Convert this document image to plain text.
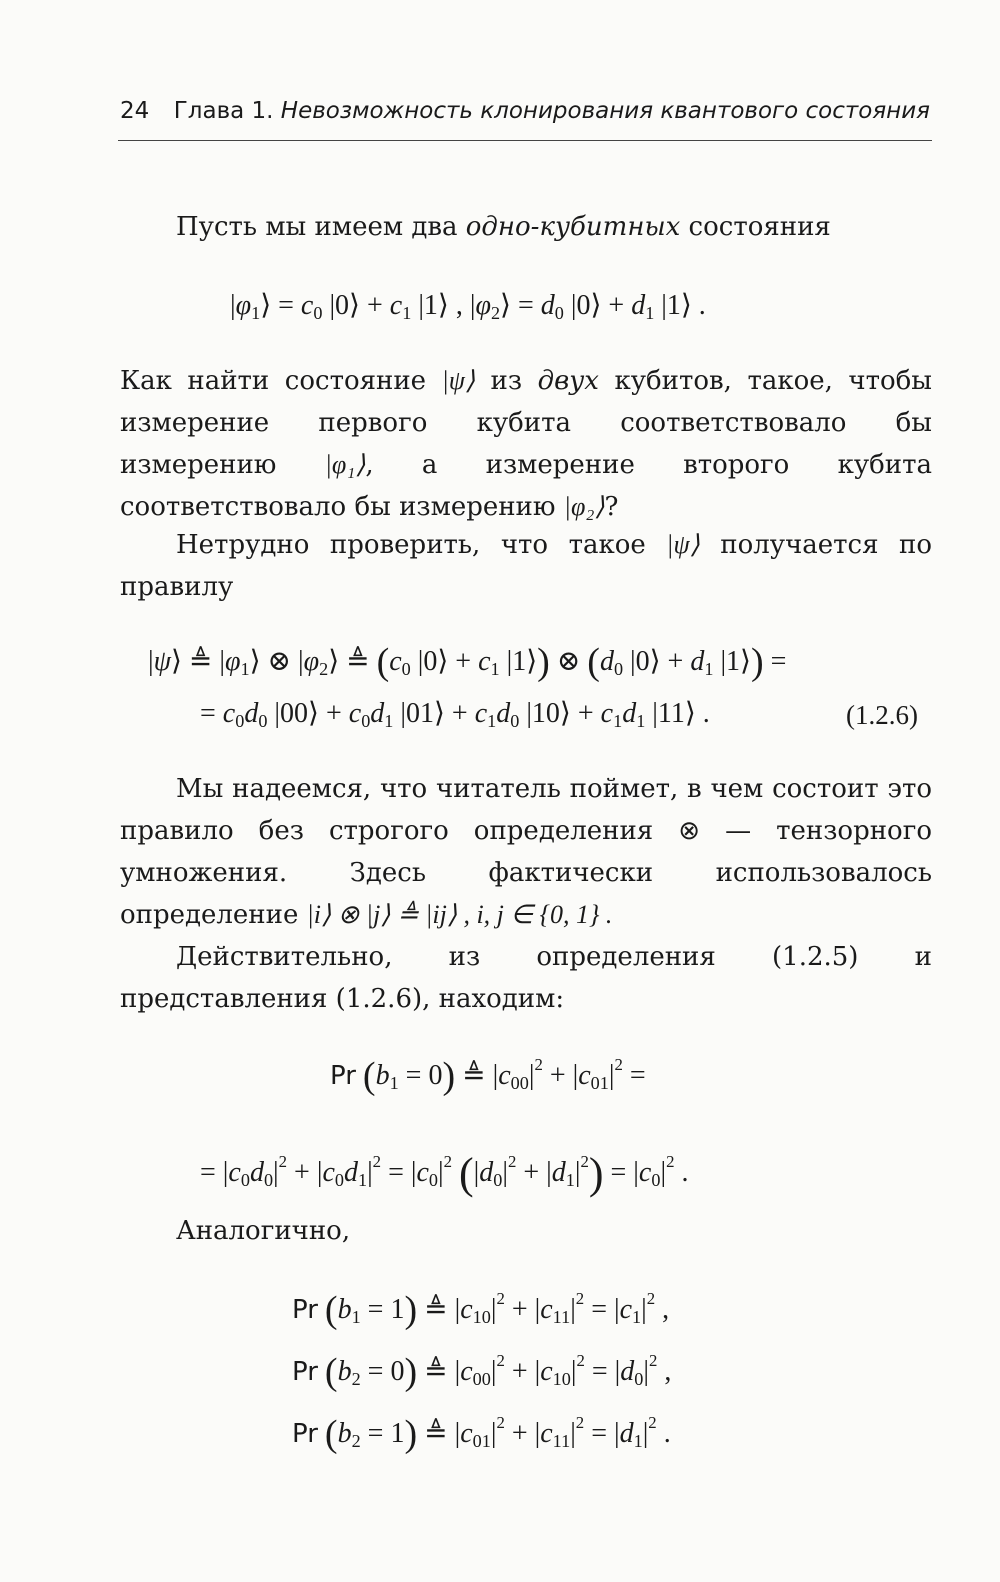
24 Глава 1. Невозможность клонирования квантового состояния
Пусть мы имеем два одно-кубитных состояния
$|\varphi_1⟩ = c_0$ |0⟩ + $c_1$ |1⟩ , $|\varphi_2⟩ = d_0$ |0⟩ + $d_1$ |1⟩ .
Как найти состояние |ψ⟩ из двух кубитов, такое, чтобы измерение первого кубита соответствовало бы измерению |φ₁⟩, а измерение второго кубита соответствовало бы измерению |φ₂⟩?
Нетрудно проверить, что такое |ψ⟩ получается по правилу
|ψ⟩ ≜ $|\varphi_1⟩$ ⊗ $|\varphi_2⟩$ ≜ ($c_0$ |0⟩ + $c_1$ |1⟩) ⊗ ($d_0$ |0⟩ + $d_1$ |1⟩) =
= $c_0d_0$ |00⟩ + $c_0d_1$ |01⟩ + $c_1d_0$ |10⟩ + $c_1d_1$ |11⟩ .	(1.2.6)
Мы надеемся, что читатель поймет, в чем состоит это правило без строгого определения ⊗ — тензорного умножения. Здесь фактически использовалось определение |i⟩ ⊗ |j⟩ ≜ |ij⟩ , i, j ∈ {0, 1} .
Действительно, из определения (1.2.5) и представления (1.2.6), находим:
Pr $(b_1 = 0)$ ≜ $|c_{00}|^2 + |c_{01}|^2$ =
= $|c_0d_0|^2 + |c_0d_1|^2 = |c_0|^2$ $(|d_0|^2 + |d_1|^2) = |c_0|^2$ .
Аналогично,
Pr $(b_1 = 1)$ ≜ $|c_{10}|^2 + |c_{11}|^2 = |c_1|^2$ ,
Pr $(b_2 = 0)$ ≜ $|c_{00}|^2 + |c_{10}|^2 = |d_0|^2$ ,
Pr $(b_2 = 1)$ ≜ $|c_{01}|^2 + |c_{11}|^2 = |d_1|^2$ .
